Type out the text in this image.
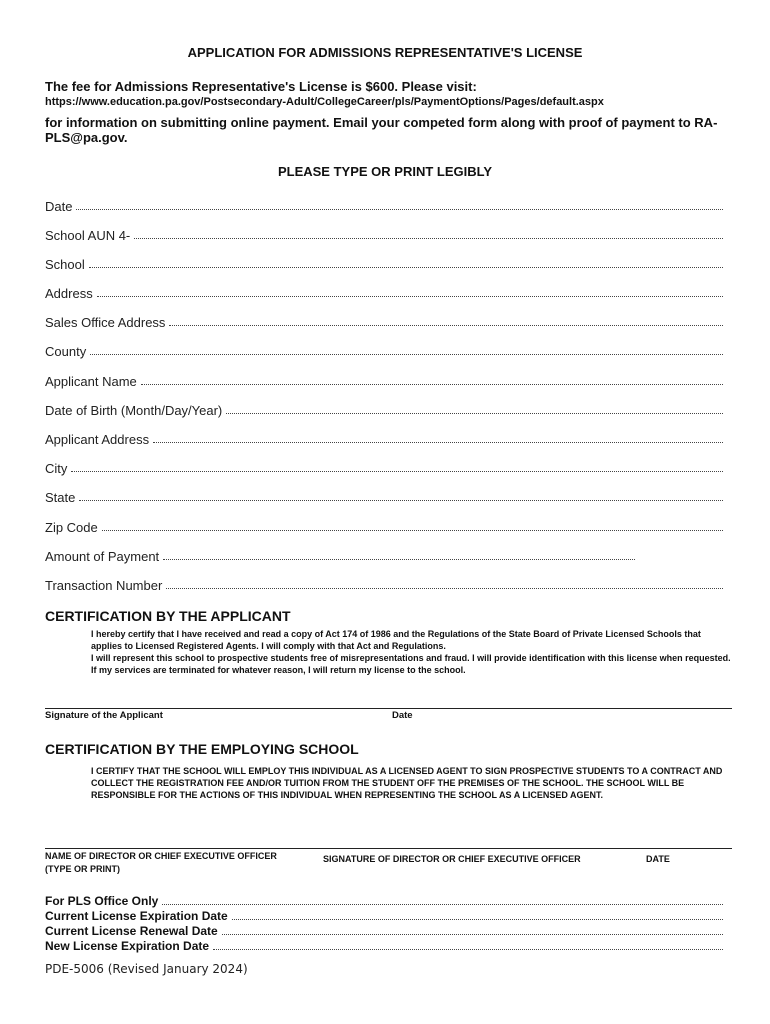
APPLICATION FOR ADMISSIONS REPRESENTATIVE'S LICENSE
The fee for Admissions Representative's License is $600. Please visit:
https://www.education.pa.gov/Postsecondary-Adult/CollegeCareer/pls/PaymentOptions/Pages/default.aspx
for information on submitting online payment. Email your competed form along with proof of payment to RA-PLS@pa.gov.
PLEASE TYPE OR PRINT LEGIBLY
Date
School AUN 4-
School
Address
Sales Office Address
County
Applicant Name
Date of Birth (Month/Day/Year)
Applicant Address
City
State
Zip Code
Amount of Payment
Transaction Number
CERTIFICATION BY THE APPLICANT
I hereby certify that I have received and read a copy of Act 174 of 1986 and the Regulations of the State Board of Private Licensed Schools that applies to Licensed Registered Agents. I will comply with that Act and Regulations.
I will represent this school to prospective students free of misrepresentations and fraud. I will provide identification with this license when requested. If my services are terminated for whatever reason, I will return my license to the school.
Signature of the Applicant	Date
CERTIFICATION BY THE EMPLOYING SCHOOL
I CERTIFY THAT THE SCHOOL WILL EMPLOY THIS INDIVIDUAL AS A LICENSED AGENT TO SIGN PROSPECTIVE STUDENTS TO A CONTRACT AND COLLECT THE REGISTRATION FEE AND/OR TUITION FROM THE STUDENT OFF THE PREMISES OF THE SCHOOL. THE SCHOOL WILL BE RESPONSIBLE FOR THE ACTIONS OF THIS INDIVIDUAL WHEN REPRESENTING THE SCHOOL AS A LICENSED AGENT.
NAME OF DIRECTOR OR CHIEF EXECUTIVE OFFICER
(TYPE OR PRINT)
SIGNATURE OF DIRECTOR OR CHIEF EXECUTIVE OFFICER	DATE
For PLS Office Only
Current License Expiration Date
Current License Renewal Date
New License Expiration Date
PDE-5006 (Revised January 2024)
